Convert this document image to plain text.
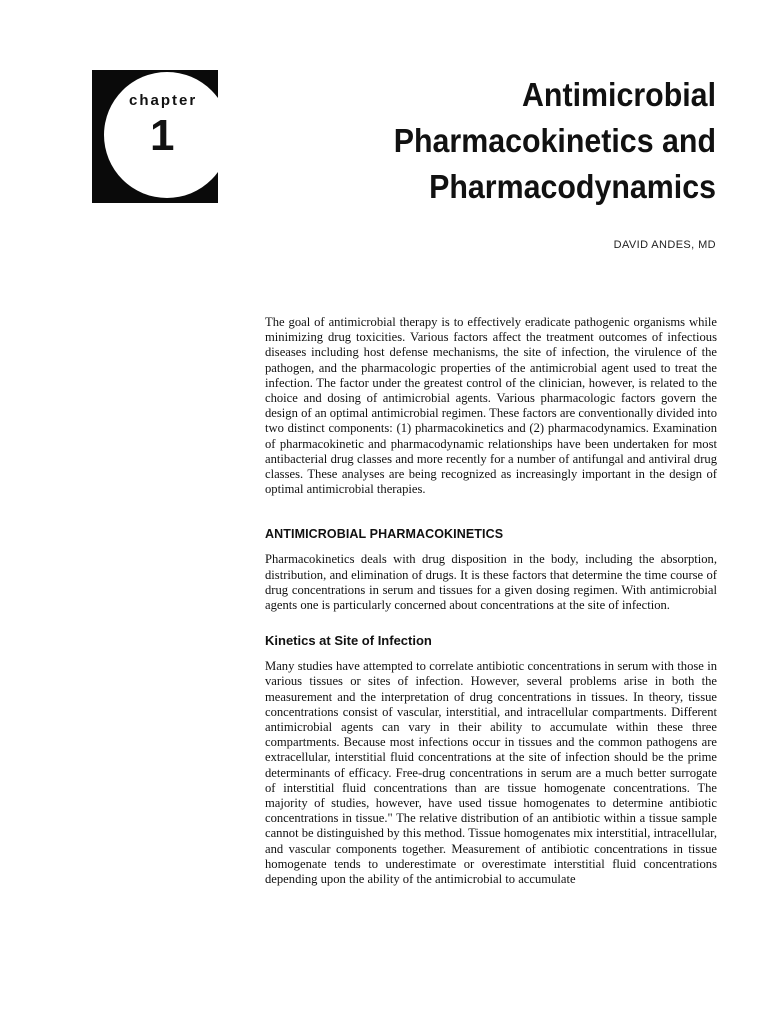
chapter
1
Antimicrobial
Pharmacokinetics and
Pharmacodynamics
DAVID ANDES, MD

The goal of antimicrobial therapy is to effectively eradicate pathogenic organisms while minimizing drug toxicities. Various factors affect the treatment outcomes of infectious diseases including host defense mechanisms, the site of infection, the virulence of the pathogen, and the pharmacologic properties of the antimicrobial agent used to treat the infection. The factor under the greatest control of the clinician, however, is related to the choice and dosing of antimicrobial agents. Various pharmacologic factors govern the design of an optimal antimicrobial regimen. These factors are conventionally divided into two distinct components: (1) pharmacokinetics and (2) pharmacodynamics. Examination of pharmacokinetic and pharmacodynamic relationships have been undertaken for most antibacterial drug classes and more recently for a number of antifungal and antiviral drug classes. These analyses are being recognized as increasingly important in the design of optimal antimicrobial therapies.

ANTIMICROBIAL PHARMACOKINETICS

Pharmacokinetics deals with drug disposition in the body, including the absorption, distribution, and elimination of drugs. It is these factors that determine the time course of drug concentrations in serum and tissues for a given dosing regimen. With antimicrobial agents one is particularly concerned about concentrations at the site of infection.

Kinetics at Site of Infection

Many studies have attempted to correlate antibiotic concentrations in serum with those in various tissues or sites of infection. However, several problems arise in both the measurement and the interpretation of drug concentrations in tissues. In theory, tissue concentrations consist of vascular, interstitial, and intracellular compartments. Different antimicrobial agents can vary in their ability to accumulate within these three compartments. Because most infections occur in tissues and the common pathogens are extracellular, interstitial fluid concentrations at the site of infection should be the prime determinants of efficacy. Free-drug concentrations in serum are a much better surrogate of interstitial fluid concentrations than are tissue homogenate concentrations. The majority of studies, however, have used tissue homogenates to determine antibiotic concentrations in tissue." The relative distribution of an antibiotic within a tissue sample cannot be distinguished by this method. Tissue homogenates mix interstitial, intracellular, and vascular components together. Measurement of antibiotic concentrations in tissue homogenate tends to underestimate or overestimate interstitial fluid concentrations depending upon the ability of the antimicrobial to accumulate
